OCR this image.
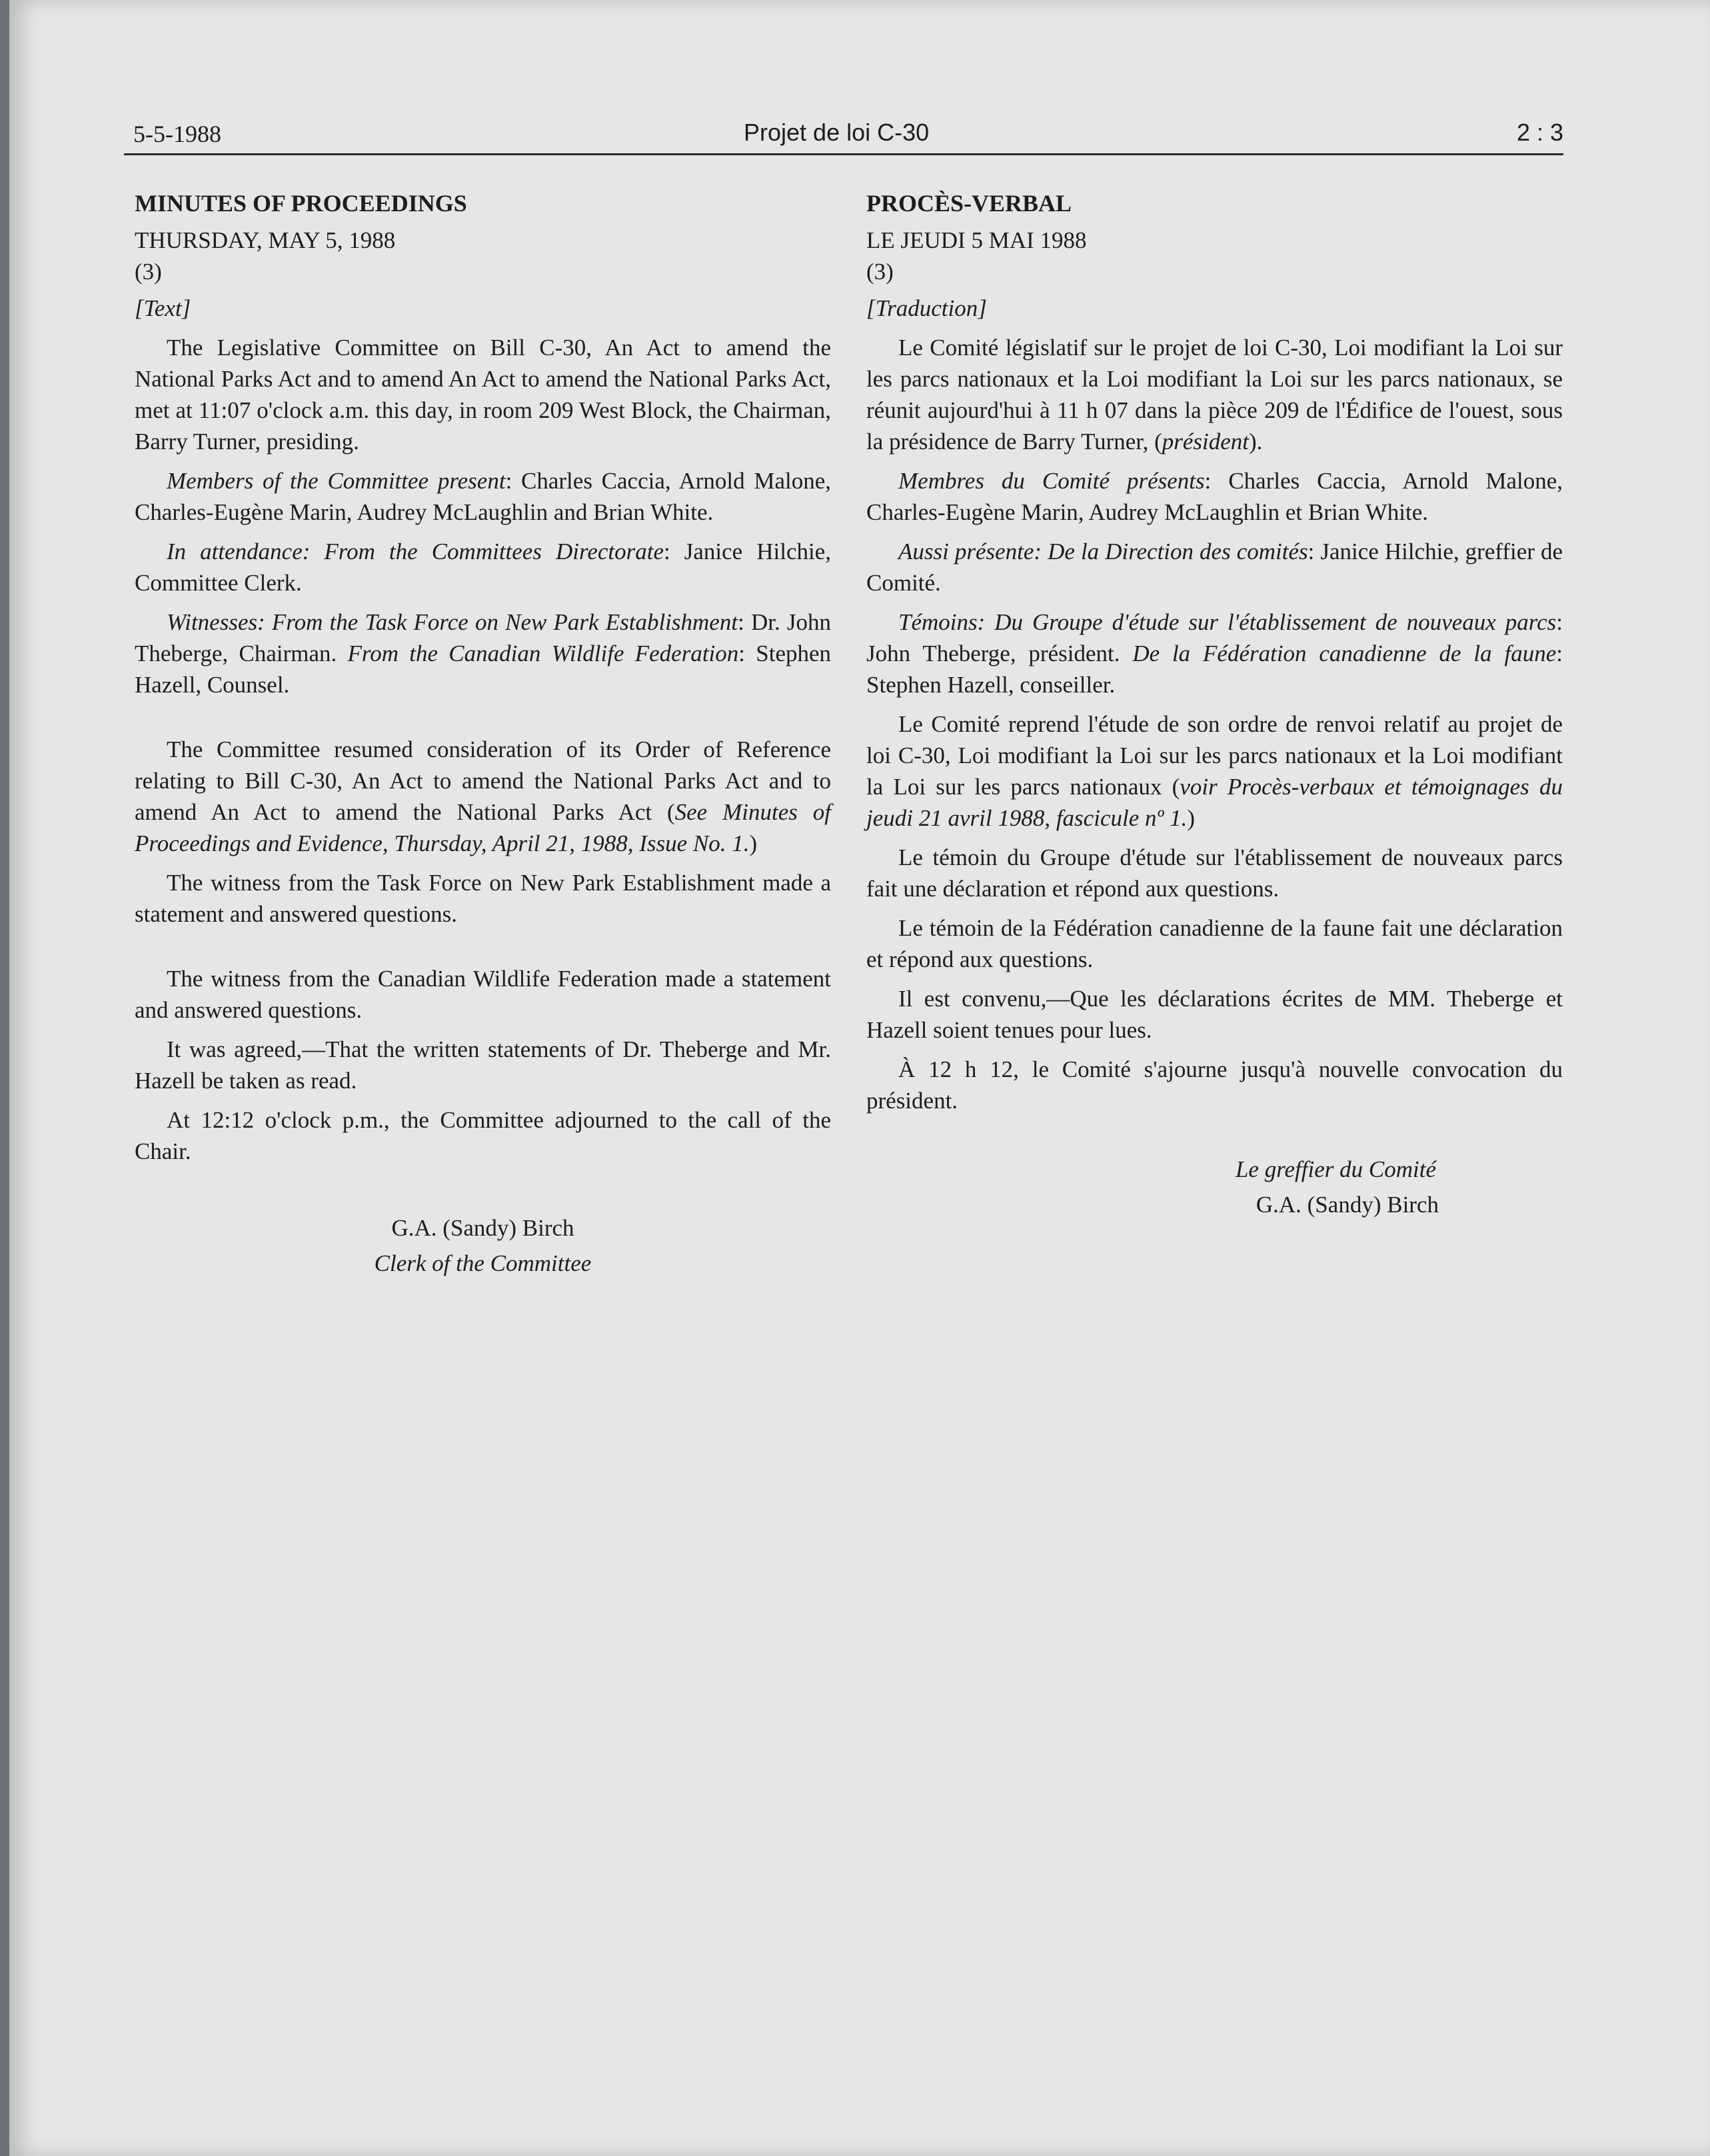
5-5-1988	Projet de loi C-30	2 : 3
MINUTES OF PROCEEDINGS
THURSDAY, MAY 5, 1988
(3)
[Text]

The Legislative Committee on Bill C-30, An Act to amend the National Parks Act and to amend An Act to amend the National Parks Act, met at 11:07 o'clock a.m. this day, in room 209 West Block, the Chairman, Barry Turner, presiding.

Members of the Committee present: Charles Caccia, Arnold Malone, Charles-Eugène Marin, Audrey McLaughlin and Brian White.

In attendance: From the Committees Directorate: Janice Hilchie, Committee Clerk.

Witnesses: From the Task Force on New Park Establishment: Dr. John Theberge, Chairman. From the Canadian Wildlife Federation: Stephen Hazell, Counsel.

The Committee resumed consideration of its Order of Reference relating to Bill C-30, An Act to amend the National Parks Act and to amend An Act to amend the National Parks Act (See Minutes of Proceedings and Evidence, Thursday, April 21, 1988, Issue No. 1.)

The witness from the Task Force on New Park Establishment made a statement and answered questions.

The witness from the Canadian Wildlife Federation made a statement and answered questions.

It was agreed,—That the written statements of Dr. Theberge and Mr. Hazell be taken as read.

At 12:12 o'clock p.m., the Committee adjourned to the call of the Chair.

G.A. (Sandy) Birch
Clerk of the Committee
PROCÈS-VERBAL
LE JEUDI 5 MAI 1988
(3)
[Traduction]

Le Comité législatif sur le projet de loi C-30, Loi modifiant la Loi sur les parcs nationaux et la Loi modifiant la Loi sur les parcs nationaux, se réunit aujourd'hui à 11 h 07 dans la pièce 209 de l'Édifice de l'ouest, sous la présidence de Barry Turner, (président).

Membres du Comité présents: Charles Caccia, Arnold Malone, Charles-Eugène Marin, Audrey McLaughlin et Brian White.

Aussi présente: De la Direction des comités: Janice Hilchie, greffier de Comité.

Témoins: Du Groupe d'étude sur l'établissement de nouveaux parcs: John Theberge, président. De la Fédération canadienne de la faune: Stephen Hazell, conseiller.

Le Comité reprend l'étude de son ordre de renvoi relatif au projet de loi C-30, Loi modifiant la Loi sur les parcs nationaux et la Loi modifiant la Loi sur les parcs nationaux (voir Procès-verbaux et témoignages du jeudi 21 avril 1988, fascicule nº 1.)

Le témoin du Groupe d'étude sur l'établissement de nouveaux parcs fait une déclaration et répond aux questions.

Le témoin de la Fédération canadienne de la faune fait une déclaration et répond aux questions.

Il est convenu,—Que les déclarations écrites de MM. Theberge et Hazell soient tenues pour lues.

À 12 h 12, le Comité s'ajourne jusqu'à nouvelle convocation du président.

Le greffier du Comité
G.A. (Sandy) Birch
